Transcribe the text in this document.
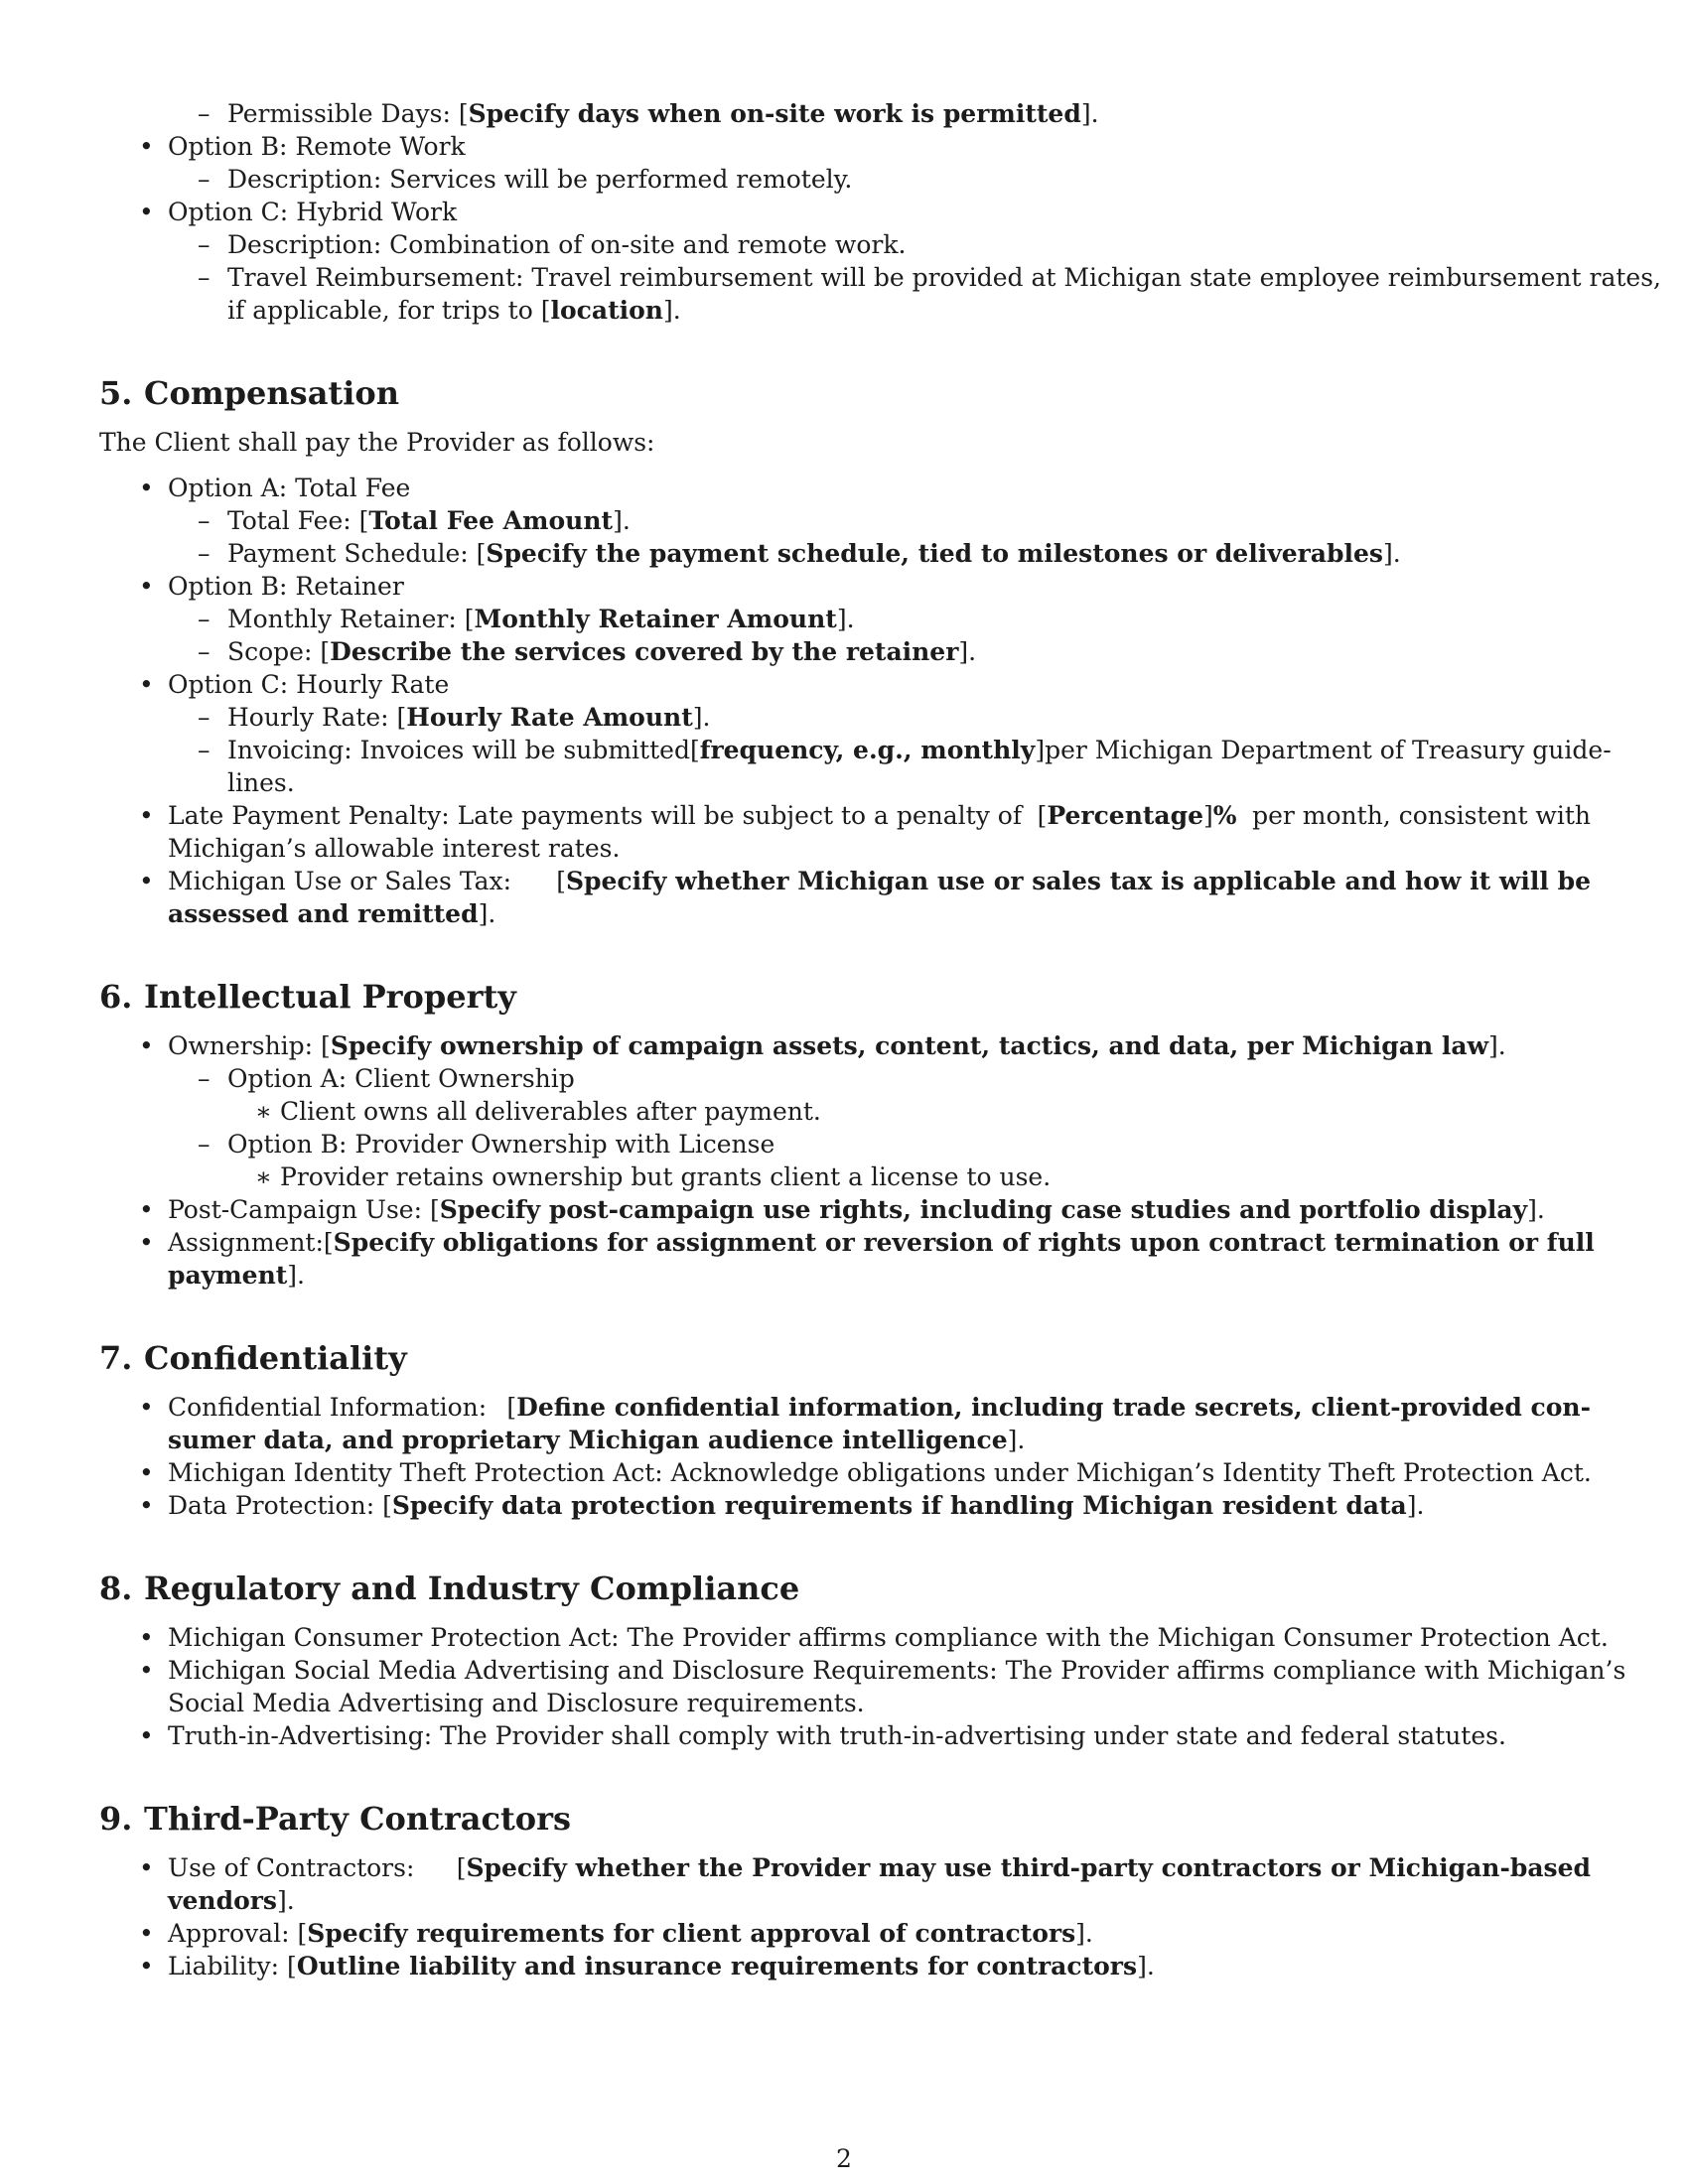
– Permissible Days: [Specify days when on-site work is permitted].
• Option B: Remote Work
– Description: Services will be performed remotely.
• Option C: Hybrid Work
– Description: Combination of on-site and remote work.
– Travel Reimbursement: Travel reimbursement will be provided at Michigan state employee reimbursement rates,
if applicable, for trips to [location].
5. Compensation
The Client shall pay the Provider as follows:
• Option A: Total Fee
– Total Fee: [Total Fee Amount].
– Payment Schedule: [Specify the payment schedule, tied to milestones or deliverables].
• Option B: Retainer
– Monthly Retainer: [Monthly Retainer Amount].
– Scope: [Describe the services covered by the retainer].
• Option C: Hourly Rate
– Hourly Rate: [Hourly Rate Amount].
– Invoicing: Invoices will be submitted [frequency, e.g., monthly] per Michigan Department of Treasury guide-
lines.
• Late Payment Penalty: Late payments will be subject to a penalty of [Percentage]% per month, consistent with
Michigan’s allowable interest rates.
• Michigan Use or Sales Tax: [Specify whether Michigan use or sales tax is applicable and how it will be
assessed and remitted].
6. Intellectual Property
• Ownership: [Specify ownership of campaign assets, content, tactics, and data, per Michigan law].
– Option A: Client Ownership
∗ Client owns all deliverables after payment.
– Option B: Provider Ownership with License
∗ Provider retains ownership but grants client a license to use.
• Post-Campaign Use: [Specify post-campaign use rights, including case studies and portfolio display].
• Assignment: [Specify obligations for assignment or reversion of rights upon contract termination or full
payment].
7. Confidentiality
• Confidential Information: [Define confidential information, including trade secrets, client-provided con-
sumer data, and proprietary Michigan audience intelligence].
• Michigan Identity Theft Protection Act: Acknowledge obligations under Michigan’s Identity Theft Protection Act.
• Data Protection: [Specify data protection requirements if handling Michigan resident data].
8. Regulatory and Industry Compliance
• Michigan Consumer Protection Act: The Provider affirms compliance with the Michigan Consumer Protection Act.
• Michigan Social Media Advertising and Disclosure Requirements: The Provider affirms compliance with Michigan’s
Social Media Advertising and Disclosure requirements.
• Truth-in-Advertising: The Provider shall comply with truth-in-advertising under state and federal statutes.
9. Third-Party Contractors
• Use of Contractors: [Specify whether the Provider may use third-party contractors or Michigan-based
vendors].
• Approval: [Specify requirements for client approval of contractors].
• Liability: [Outline liability and insurance requirements for contractors].
2
